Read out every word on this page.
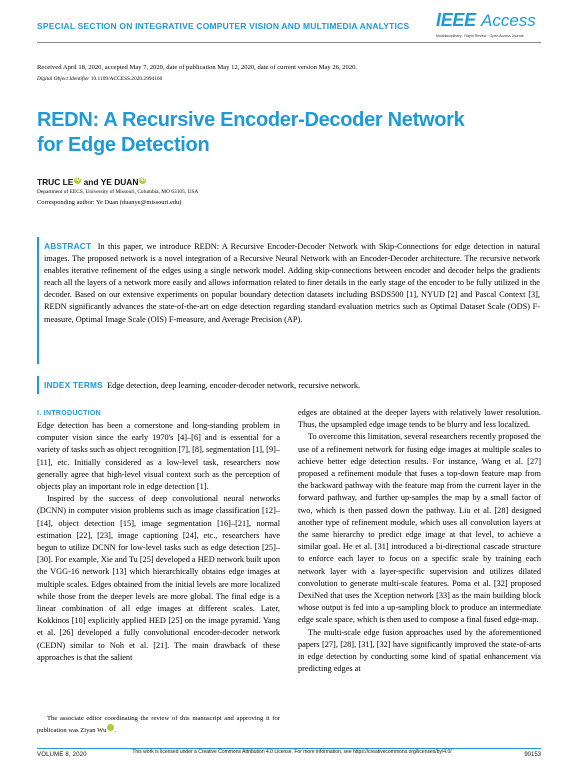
SPECIAL SECTION ON INTEGRATIVE COMPUTER VISION AND MULTIMEDIA ANALYTICS IEEE Access
Multidisciplinary : Rapid Review : Open Access Journal
Received April 18, 2020, accepted May 7, 2020, date of publication May 12, 2020, date of current version May 26, 2020.
Digital Object Identifier 10.1109/ACCESS.2020.2994160
REDN: A Recursive Encoder-Decoder Network for Edge Detection
TRUC LE iD and YE DUAN iD
Department of EECS, University of Missouri, Columbia, MO 63105, USA
Corresponding author: Ye Duan (duanye@missouri.edu)
ABSTRACT In this paper, we introduce REDN: A Recursive Encoder-Decoder Network with Skip-Connections for edge detection in natural images. The proposed network is a novel integration of a Recursive Neural Network with an Encoder-Decoder architecture. The recursive network enables iterative refinement of the edges using a single network model. Adding skip-connections between encoder and decoder helps the gradients reach all the layers of a network more easily and allows information related to finer details in the early stage of the encoder to be fully utilized in the decoder. Based on our extensive experiments on popular boundary detection datasets including BSDS500 [1], NYUD [2] and Pascal Context [3], REDN significantly advances the state-of-the-art on edge detection regarding standard evaluation metrics such as Optimal Dataset Scale (ODS) F-measure, Optimal Image Scale (OIS) F-measure, and Average Precision (AP).
INDEX TERMS Edge detection, deep learning, encoder-decoder network, recursive network.
I. INTRODUCTION

Edge detection has been a cornerstone and long-standing problem in computer vision since the early 1970's [4]–[6] and is essential for a variety of tasks such as object recognition [7], [8], segmentation [1], [9]–[11], etc. Initially considered as a low-level task, researchers now generally agree that high-level visual context such as the perception of objects play an important role in edge detection [1].

Inspired by the success of deep convolutional neural networks (DCNN) in computer vision problems such as image classification [12]–[14], object detection [15], image segmentation [16]–[21], normal estimation [22], [23], image captioning [24], etc., researchers have begun to utilize DCNN for low-level tasks such as edge detection [25]–[30]. For example, Xie and Tu [25] developed a HED network built upon the VGG-16 network [13] which hierarchically obtains edge images at multiple scales. Edges obtained from the initial levels are more localized while those from the deeper levels are more global. The final edge is a linear combination of all edge images at different scales. Later, Kokkinos [10] explicitly applied HED [25] on the image pyramid. Yang et al. [26] developed a fully convolutional encoder-decoder network (CEDN) similar to Noh et al. [21]. The main drawback of these approaches is that the salient

edges are obtained at the deeper layers with relatively lower resolution. Thus, the upsampled edge image tends to be blurry and less localized.

To overcome this limitation, several researchers recently proposed the use of a refinement network for fusing edge images at multiple scales to achieve better edge detection results. For instance, Wang et al. [27] proposed a refinement module that fuses a top-down feature map from the backward pathway with the feature map from the current layer in the forward pathway, and further up-samples the map by a small factor of two, which is then passed down the pathway. Liu et al. [28] designed another type of refinement module, which uses all convolution layers at the same hierarchy to predict edge image at that level, to achieve a similar goal. He et al. [31] introduced a bi-directional cascade structure to enforce each layer to focus on a specific scale by training each network layer with a layer-specific supervision and utilizes dilated convolution to generate multi-scale features. Poma et al. [32] proposed DexiNed that uses the Xception network [33] as the main building block whose output is fed into a up-sampling block to produce an intermediate edge scale space, which is then used to compose a final fused edge-map.

The multi-scale edge fusion approaches used by the aforementioned papers [27], [28], [31], [32] have significantly improved the state-of-arts in edge detection by conducting some kind of spatial enhancement via predicting edges at

The associate editor coordinating the review of this manuscript and approving it for publication was Ziyan Wu iD.
VOLUME 8, 2020	This work is licensed under a Creative Commons Attribution 4.0 License. For more information, see https://creativecommons.org/licenses/by/4.0/	90153
